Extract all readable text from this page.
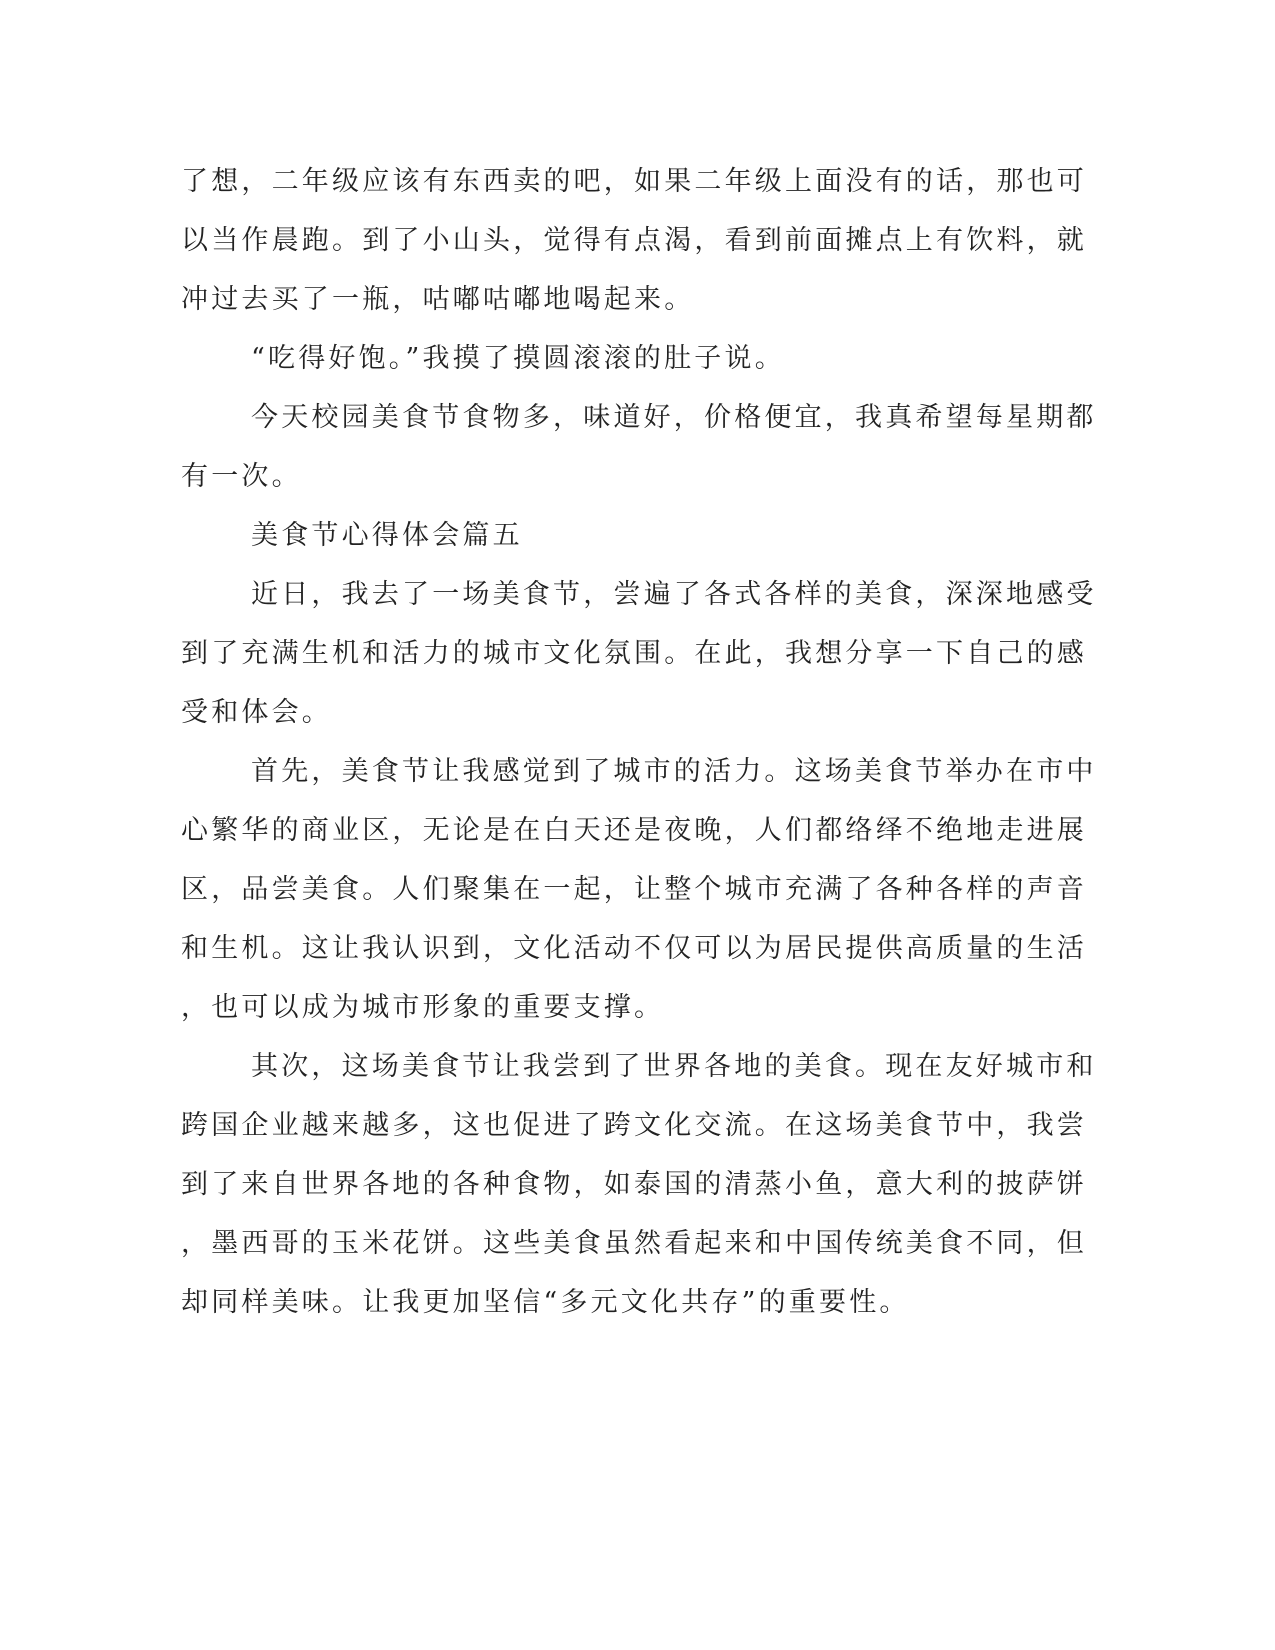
了想，二年级应该有东西卖的吧，如果二年级上面没有的话，那也可
以当作晨跑。到了小山头，觉得有点渴，看到前面摊点上有饮料，就
冲过去买了一瓶，咕嘟咕嘟地喝起来。
“吃得好饱。”我摸了摸圆滚滚的肚子说。
今天校园美食节食物多，味道好，价格便宜，我真希望每星期都
有一次。
美食节心得体会篇五
近日，我去了一场美食节，尝遍了各式各样的美食，深深地感受
到了充满生机和活力的城市文化氛围。在此，我想分享一下自己的感
受和体会。
首先，美食节让我感觉到了城市的活力。这场美食节举办在市中
心繁华的商业区，无论是在白天还是夜晚，人们都络绎不绝地走进展
区，品尝美食。人们聚集在一起，让整个城市充满了各种各样的声音
和生机。这让我认识到，文化活动不仅可以为居民提供高质量的生活
，也可以成为城市形象的重要支撑。
其次，这场美食节让我尝到了世界各地的美食。现在友好城市和
跨国企业越来越多，这也促进了跨文化交流。在这场美食节中，我尝
到了来自世界各地的各种食物，如泰国的清蒸小鱼，意大利的披萨饼
，墨西哥的玉米花饼。这些美食虽然看起来和中国传统美食不同，但
却同样美味。让我更加坚信“多元文化共存”的重要性。
